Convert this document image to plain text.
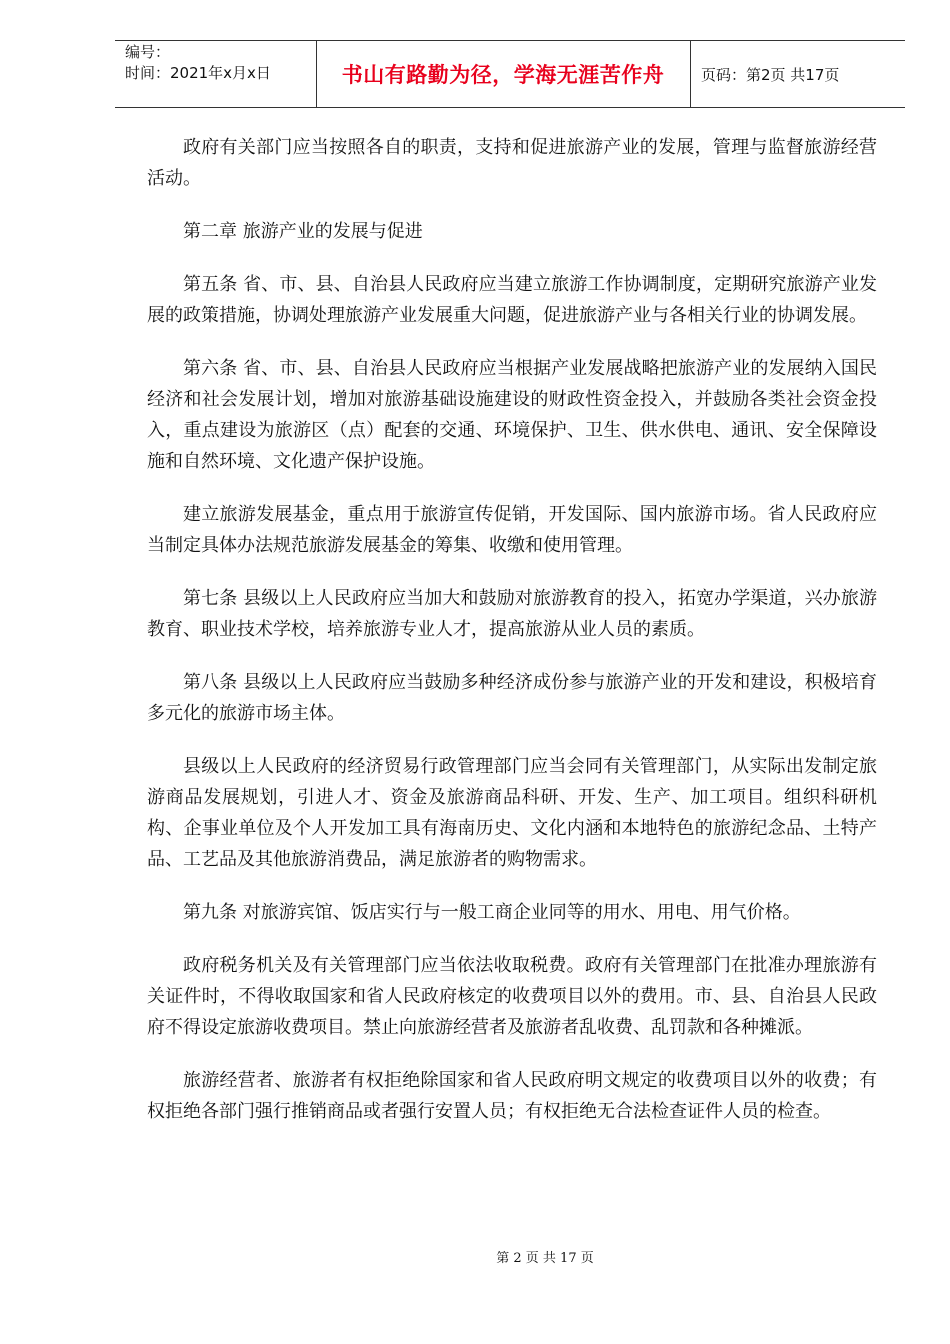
编号：
时间：2021年x月x日	书山有路勤为径，学海无涯苦作舟	页码：第2页 共17页

政府有关部门应当按照各自的职责，支持和促进旅游产业的发展，管理与监督旅游经营活动。

第二章 旅游产业的发展与促进

第五条 省、市、县、自治县人民政府应当建立旅游工作协调制度，定期研究旅游产业发展的政策措施，协调处理旅游产业发展重大问题，促进旅游产业与各相关行业的协调发展。

第六条 省、市、县、自治县人民政府应当根据产业发展战略把旅游产业的发展纳入国民经济和社会发展计划，增加对旅游基础设施建设的财政性资金投入，并鼓励各类社会资金投入，重点建设为旅游区（点）配套的交通、环境保护、卫生、供水供电、通讯、安全保障设施和自然环境、文化遗产保护设施。

建立旅游发展基金，重点用于旅游宣传促销，开发国际、国内旅游市场。省人民政府应当制定具体办法规范旅游发展基金的筹集、收缴和使用管理。

第七条 县级以上人民政府应当加大和鼓励对旅游教育的投入，拓宽办学渠道，兴办旅游教育、职业技术学校，培养旅游专业人才，提高旅游从业人员的素质。

第八条 县级以上人民政府应当鼓励多种经济成份参与旅游产业的开发和建设，积极培育多元化的旅游市场主体。

县级以上人民政府的经济贸易行政管理部门应当会同有关管理部门，从实际出发制定旅游商品发展规划，引进人才、资金及旅游商品科研、开发、生产、加工项目。组织科研机构、企事业单位及个人开发加工具有海南历史、文化内涵和本地特色的旅游纪念品、土特产品、工艺品及其他旅游消费品，满足旅游者的购物需求。

第九条 对旅游宾馆、饭店实行与一般工商企业同等的用水、用电、用气价格。

政府税务机关及有关管理部门应当依法收取税费。政府有关管理部门在批准办理旅游有关证件时，不得收取国家和省人民政府核定的收费项目以外的费用。市、县、自治县人民政府不得设定旅游收费项目。禁止向旅游经营者及旅游者乱收费、乱罚款和各种摊派。

旅游经营者、旅游者有权拒绝除国家和省人民政府明文规定的收费项目以外的收费；有权拒绝各部门强行推销商品或者强行安置人员；有权拒绝无合法检查证件人员的检查。

第 2 页 共 17 页
